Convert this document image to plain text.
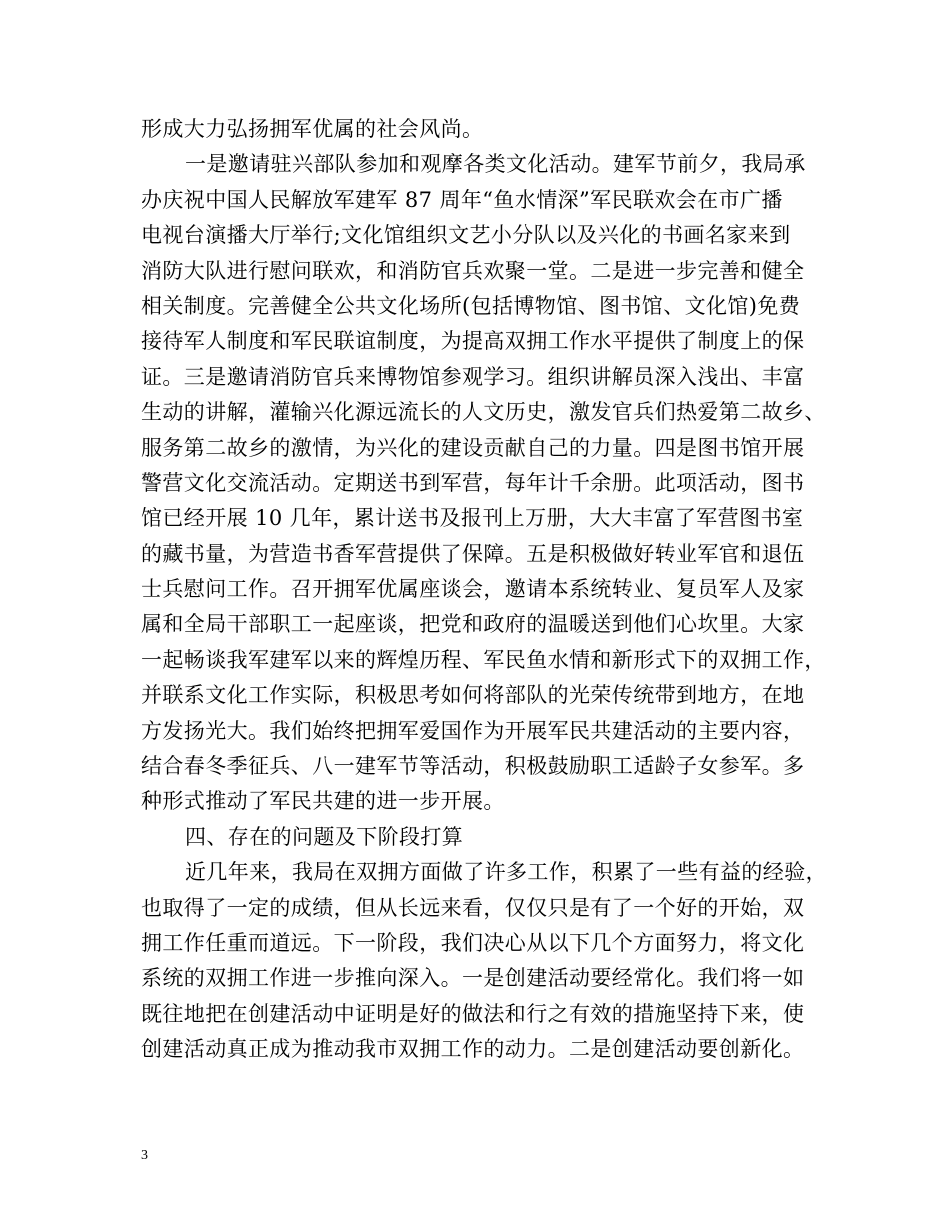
形成大力弘扬拥军优属的社会风尚。
一是邀请驻兴部队参加和观摩各类文化活动。建军节前夕，我局承
办庆祝中国人民解放军建军 87 周年“鱼水情深”军民联欢会在市广播
电视台演播大厅举行;文化馆组织文艺小分队以及兴化的书画名家来到
消防大队进行慰问联欢，和消防官兵欢聚一堂。二是进一步完善和健全
相关制度。完善健全公共文化场所(包括博物馆、图书馆、文化馆)免费
接待军人制度和军民联谊制度，为提高双拥工作水平提供了制度上的保
证。三是邀请消防官兵来博物馆参观学习。组织讲解员深入浅出、丰富
生动的讲解，灌输兴化源远流长的人文历史，激发官兵们热爱第二故乡、
服务第二故乡的激情，为兴化的建设贡献自己的力量。四是图书馆开展
警营文化交流活动。定期送书到军营，每年计千余册。此项活动，图书
馆已经开展 10 几年，累计送书及报刊上万册，大大丰富了军营图书室
的藏书量，为营造书香军营提供了保障。五是积极做好转业军官和退伍
士兵慰问工作。召开拥军优属座谈会，邀请本系统转业、复员军人及家
属和全局干部职工一起座谈，把党和政府的温暖送到他们心坎里。大家
一起畅谈我军建军以来的辉煌历程、军民鱼水情和新形式下的双拥工作，
并联系文化工作实际，积极思考如何将部队的光荣传统带到地方，在地
方发扬光大。我们始终把拥军爱国作为开展军民共建活动的主要内容，
结合春冬季征兵、八一建军节等活动，积极鼓励职工适龄子女参军。多
种形式推动了军民共建的进一步开展。
四、存在的问题及下阶段打算
近几年来，我局在双拥方面做了许多工作，积累了一些有益的经验，
也取得了一定的成绩，但从长远来看，仅仅只是有了一个好的开始，双
拥工作任重而道远。下一阶段，我们决心从以下几个方面努力，将文化
系统的双拥工作进一步推向深入。一是创建活动要经常化。我们将一如
既往地把在创建活动中证明是好的做法和行之有效的措施坚持下来，使
创建活动真正成为推动我市双拥工作的动力。二是创建活动要创新化。
3
